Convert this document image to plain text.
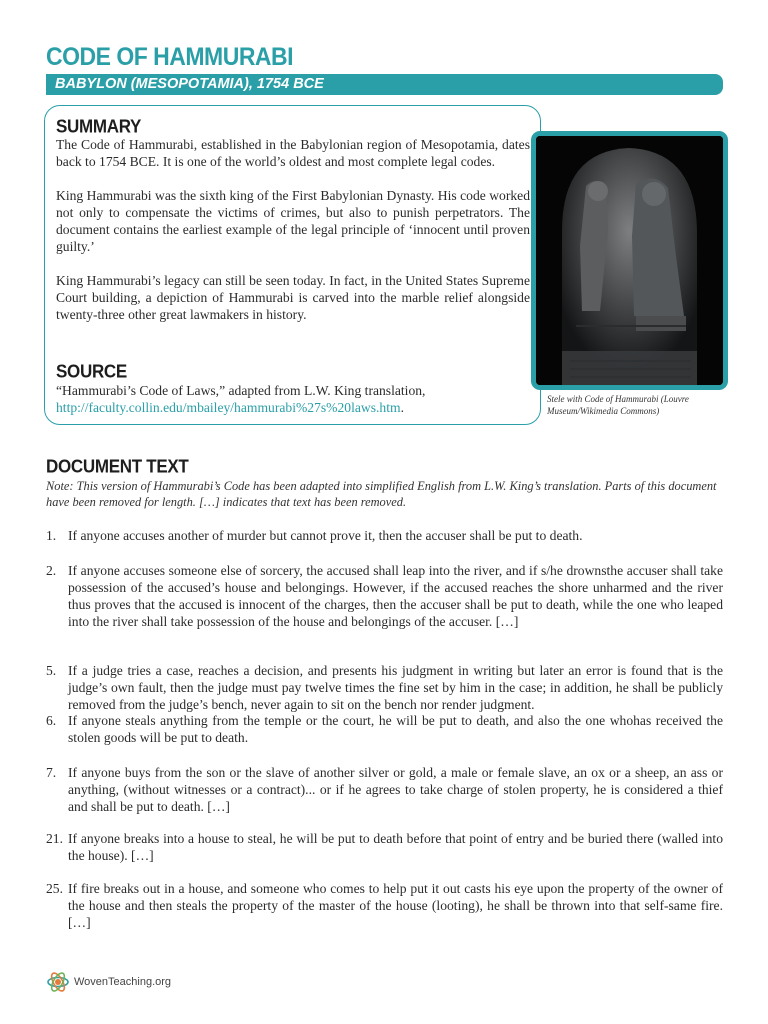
CODE OF HAMMURABI
BABYLON (MESOPOTAMIA), 1754 BCE
SUMMARY

The Code of Hammurabi, established in the Babylonian region of Mesopotamia, dates back to 1754 BCE. It is one of the world’s oldest and most complete legal codes.

King Hammurabi was the sixth king of the First Babylonian Dynasty. His code worked not only to compensate the victims of crimes, but also to punish perpetrators. The document contains the earliest example of the legal principle of ‘innocent until proven guilty.’

King Hammurabi’s legacy can still be seen today. In fact, in the United States Supreme Court building, a depiction of Hammurabi is carved into the marble relief alongside twenty-three other great lawmakers in history.

SOURCE
“Hammurabi’s Code of Laws,” adapted from L.W. King translation, http://faculty.collin.edu/mbailey/hammurabi%27s%20laws.htm.
Stele with Code of Hammurabi (Louvre Museum/Wikimedia Commons)
DOCUMENT TEXT
Note: This version of Hammurabi’s Code has been adapted into simplified English from L.W. King’s translation. Parts of this document have been removed for length. […] indicates that text has been removed.
1. If anyone accuses another of murder but cannot prove it, then the accuser shall be put to death.
2. If anyone accuses someone else of sorcery, the accused shall leap into the river, and if s/he drownsthe accuser shall take possession of the accused’s house and belongings. However, if the accused reaches the shore unharmed and the river thus proves that the accused is innocent of the charges, then the accuser shall be put to death, while the one who leaped into the river shall take possession of the house and belongings of the accuser. […]
5. If a judge tries a case, reaches a decision, and presents his judgment in writing but later an error is found that is the judge’s own fault, then the judge must pay twelve times the fine set by him in the case; in addition, he shall be publicly removed from the judge’s bench, never again to sit on the bench nor render judgment.
6. If anyone steals anything from the temple or the court, he will be put to death, and also the one whohas received the stolen goods will be put to death.
7. If anyone buys from the son or the slave of another silver or gold, a male or female slave, an ox or a sheep, an ass or anything, (without witnesses or a contract)... or if he agrees to take charge of stolen property, he is considered a thief and shall be put to death. […]
21. If anyone breaks into a house to steal, he will be put to death before that point of entry and be buried there (walled into the house). […]
25. If fire breaks out in a house, and someone who comes to help put it out casts his eye upon the property of the owner of the house and then steals the property of the master of the house (looting), he shall be thrown into that self-same fire. […]
WovenTeaching.org
